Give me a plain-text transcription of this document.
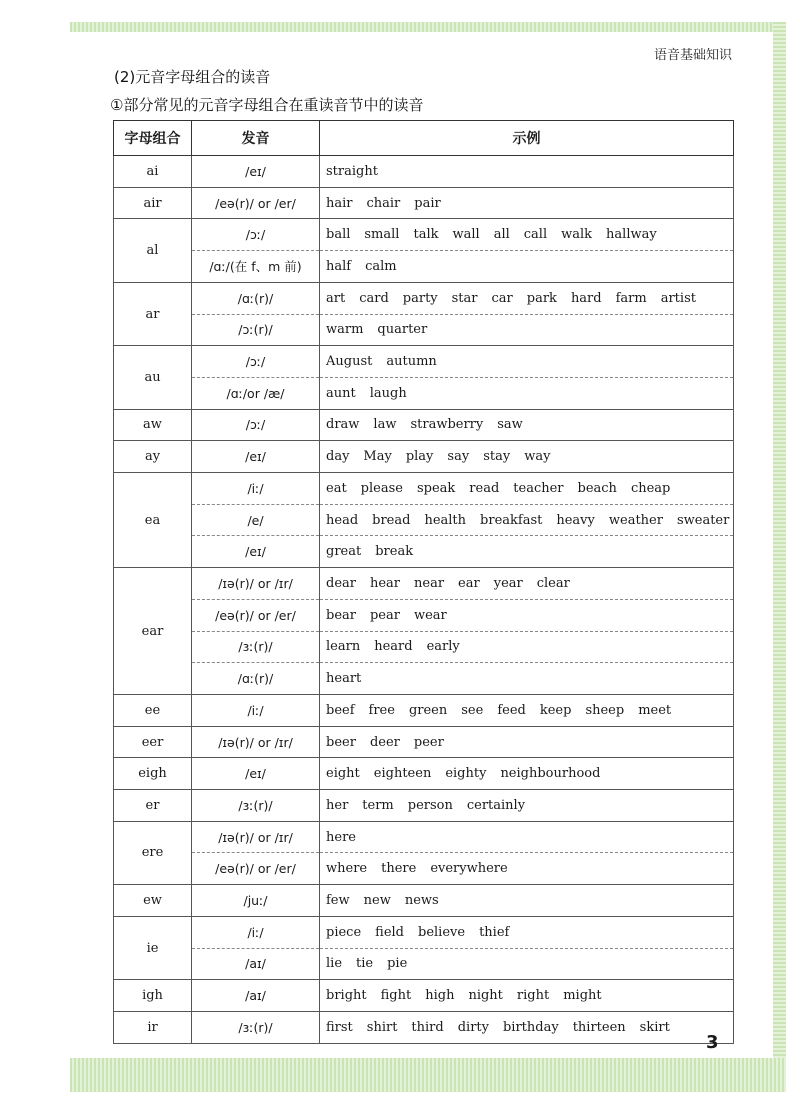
语音基础知识
(2)元音字母组合的读音
①部分常见的元音字母组合在重读音节中的读音
字母组合	发音	示例
ai	/eɪ/	straight
air	/eə(r)/ or /er/	hair chair pair
al	/ɔː/	ball small talk wall all call walk hallway
	/ɑː/(在 f、m 前)	half calm
ar	/ɑː(r)/	art card party star car park hard farm artist
	/ɔː(r)/	warm quarter
au	/ɔː/	August autumn
	/ɑː/or /æ/	aunt laugh
aw	/ɔː/	draw law strawberry saw
ay	/eɪ/	day May play say stay way
ea	/iː/	eat please speak read teacher beach cheap
	/e/	head bread health breakfast heavy weather sweater
	/eɪ/	great break
ear	/ɪə(r)/ or /ɪr/	dear hear near ear year clear
	/eə(r)/ or /er/	bear pear wear
	/ɜː(r)/	learn heard early
	/ɑː(r)/	heart
ee	/iː/	beef free green see feed keep sheep meet
eer	/ɪə(r)/ or /ɪr/	beer deer peer
eigh	/eɪ/	eight eighteen eighty neighbourhood
er	/ɜː(r)/	her term person certainly
ere	/ɪə(r)/ or /ɪr/	here
	/eə(r)/ or /er/	where there everywhere
ew	/juː/	few new news
ie	/iː/	piece field believe thief
	/aɪ/	lie tie pie
igh	/aɪ/	bright fight high night right might
ir	/ɜː(r)/	first shirt third dirty birthday thirteen skirt
3
